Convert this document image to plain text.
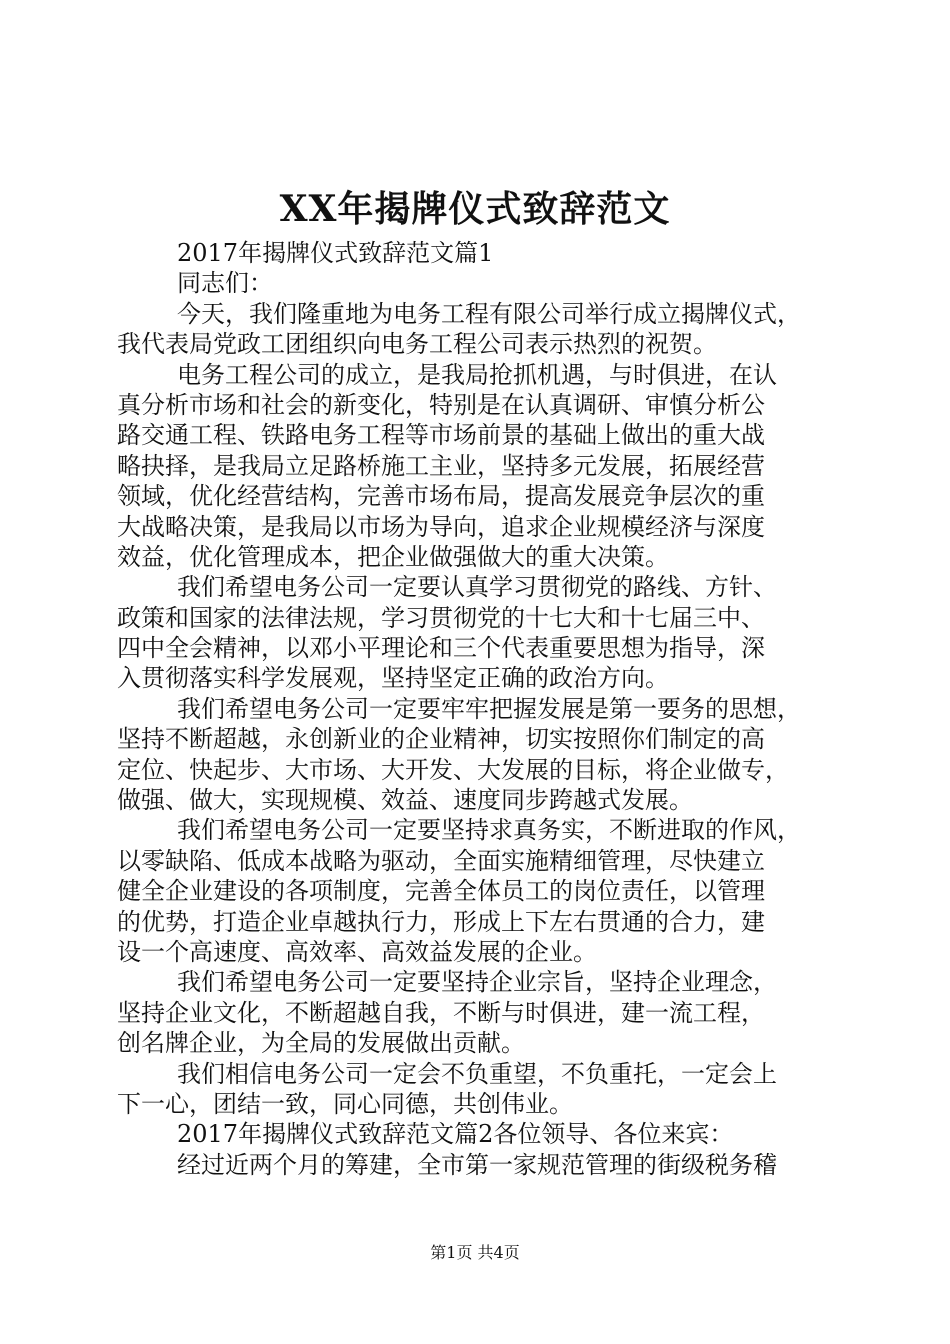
XX年揭牌仪式致辞范文
2017年揭牌仪式致辞范文篇1
同志们：
今天，我们隆重地为电务工程有限公司举行成立揭牌仪式，
我代表局党政工团组织向电务工程公司表示热烈的祝贺。
电务工程公司的成立，是我局抢抓机遇，与时俱进，在认
真分析市场和社会的新变化，特别是在认真调研、审慎分析公
路交通工程、铁路电务工程等市场前景的基础上做出的重大战
略抉择，是我局立足路桥施工主业，坚持多元发展，拓展经营
领域，优化经营结构，完善市场布局，提高发展竞争层次的重
大战略决策，是我局以市场为导向，追求企业规模经济与深度
效益，优化管理成本，把企业做强做大的重大决策。
我们希望电务公司一定要认真学习贯彻党的路线、方针、
政策和国家的法律法规，学习贯彻党的十七大和十七届三中、
四中全会精神，以邓小平理论和三个代表重要思想为指导，深
入贯彻落实科学发展观，坚持坚定正确的政治方向。
我们希望电务公司一定要牢牢把握发展是第一要务的思想，
坚持不断超越，永创新业的企业精神，切实按照你们制定的高
定位、快起步、大市场、大开发、大发展的目标，将企业做专，
做强、做大，实现规模、效益、速度同步跨越式发展。
我们希望电务公司一定要坚持求真务实，不断进取的作风，
以零缺陷、低成本战略为驱动，全面实施精细管理，尽快建立
健全企业建设的各项制度，完善全体员工的岗位责任，以管理
的优势，打造企业卓越执行力，形成上下左右贯通的合力，建
设一个高速度、高效率、高效益发展的企业。
我们希望电务公司一定要坚持企业宗旨，坚持企业理念，
坚持企业文化，不断超越自我，不断与时俱进，建一流工程，
创名牌企业，为全局的发展做出贡献。
我们相信电务公司一定会不负重望，不负重托，一定会上
下一心，团结一致，同心同德，共创伟业。
2017年揭牌仪式致辞范文篇2各位领导、各位来宾：
经过近两个月的筹建，全市第一家规范管理的街级税务稽
第1页 共4页
